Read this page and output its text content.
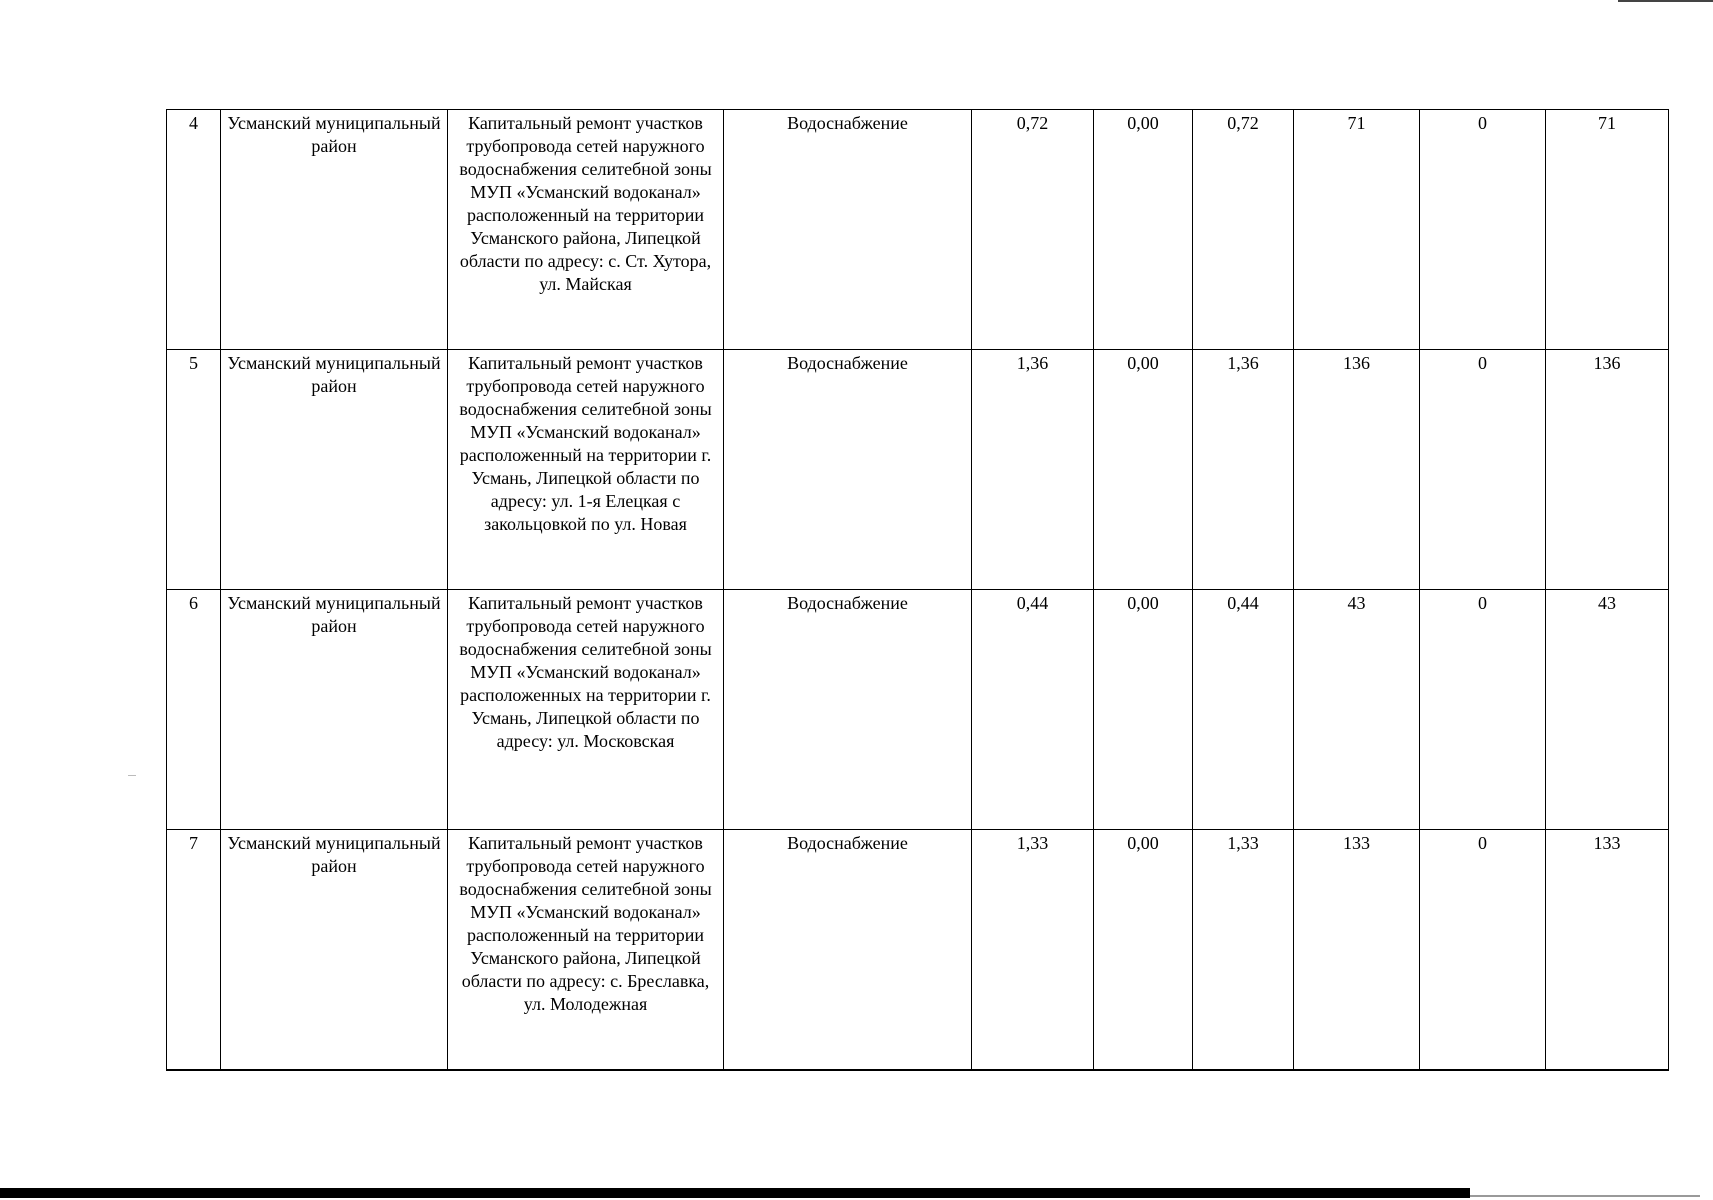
4	Усманский муниципальный район	Капитальный ремонт участков трубопровода сетей наружного водоснабжения селитебной зоны МУП «Усманский водоканал» расположенный на территории Усманского района, Липецкой области по адресу: с. Ст. Хутора, ул. Майская	Водоснабжение	0,72	0,00	0,72	71	0	71
5	Усманский муниципальный район	Капитальный ремонт участков трубопровода сетей наружного водоснабжения селитебной зоны МУП «Усманский водоканал» расположенный на территории г. Усмань, Липецкой области по адресу: ул. 1-я Елецкая с закольцовкой по ул. Новая	Водоснабжение	1,36	0,00	1,36	136	0	136
6	Усманский муниципальный район	Капитальный ремонт участков трубопровода сетей наружного водоснабжения селитебной зоны МУП «Усманский водоканал» расположенных на территории г. Усмань, Липецкой области по адресу: ул. Московская	Водоснабжение	0,44	0,00	0,44	43	0	43
7	Усманский муниципальный район	Капитальный ремонт участков трубопровода сетей наружного водоснабжения селитебной зоны МУП «Усманский водоканал» расположенный на территории Усманского района, Липецкой области по адресу: с. Бреславка, ул. Молодежная	Водоснабжение	1,33	0,00	1,33	133	0	133
